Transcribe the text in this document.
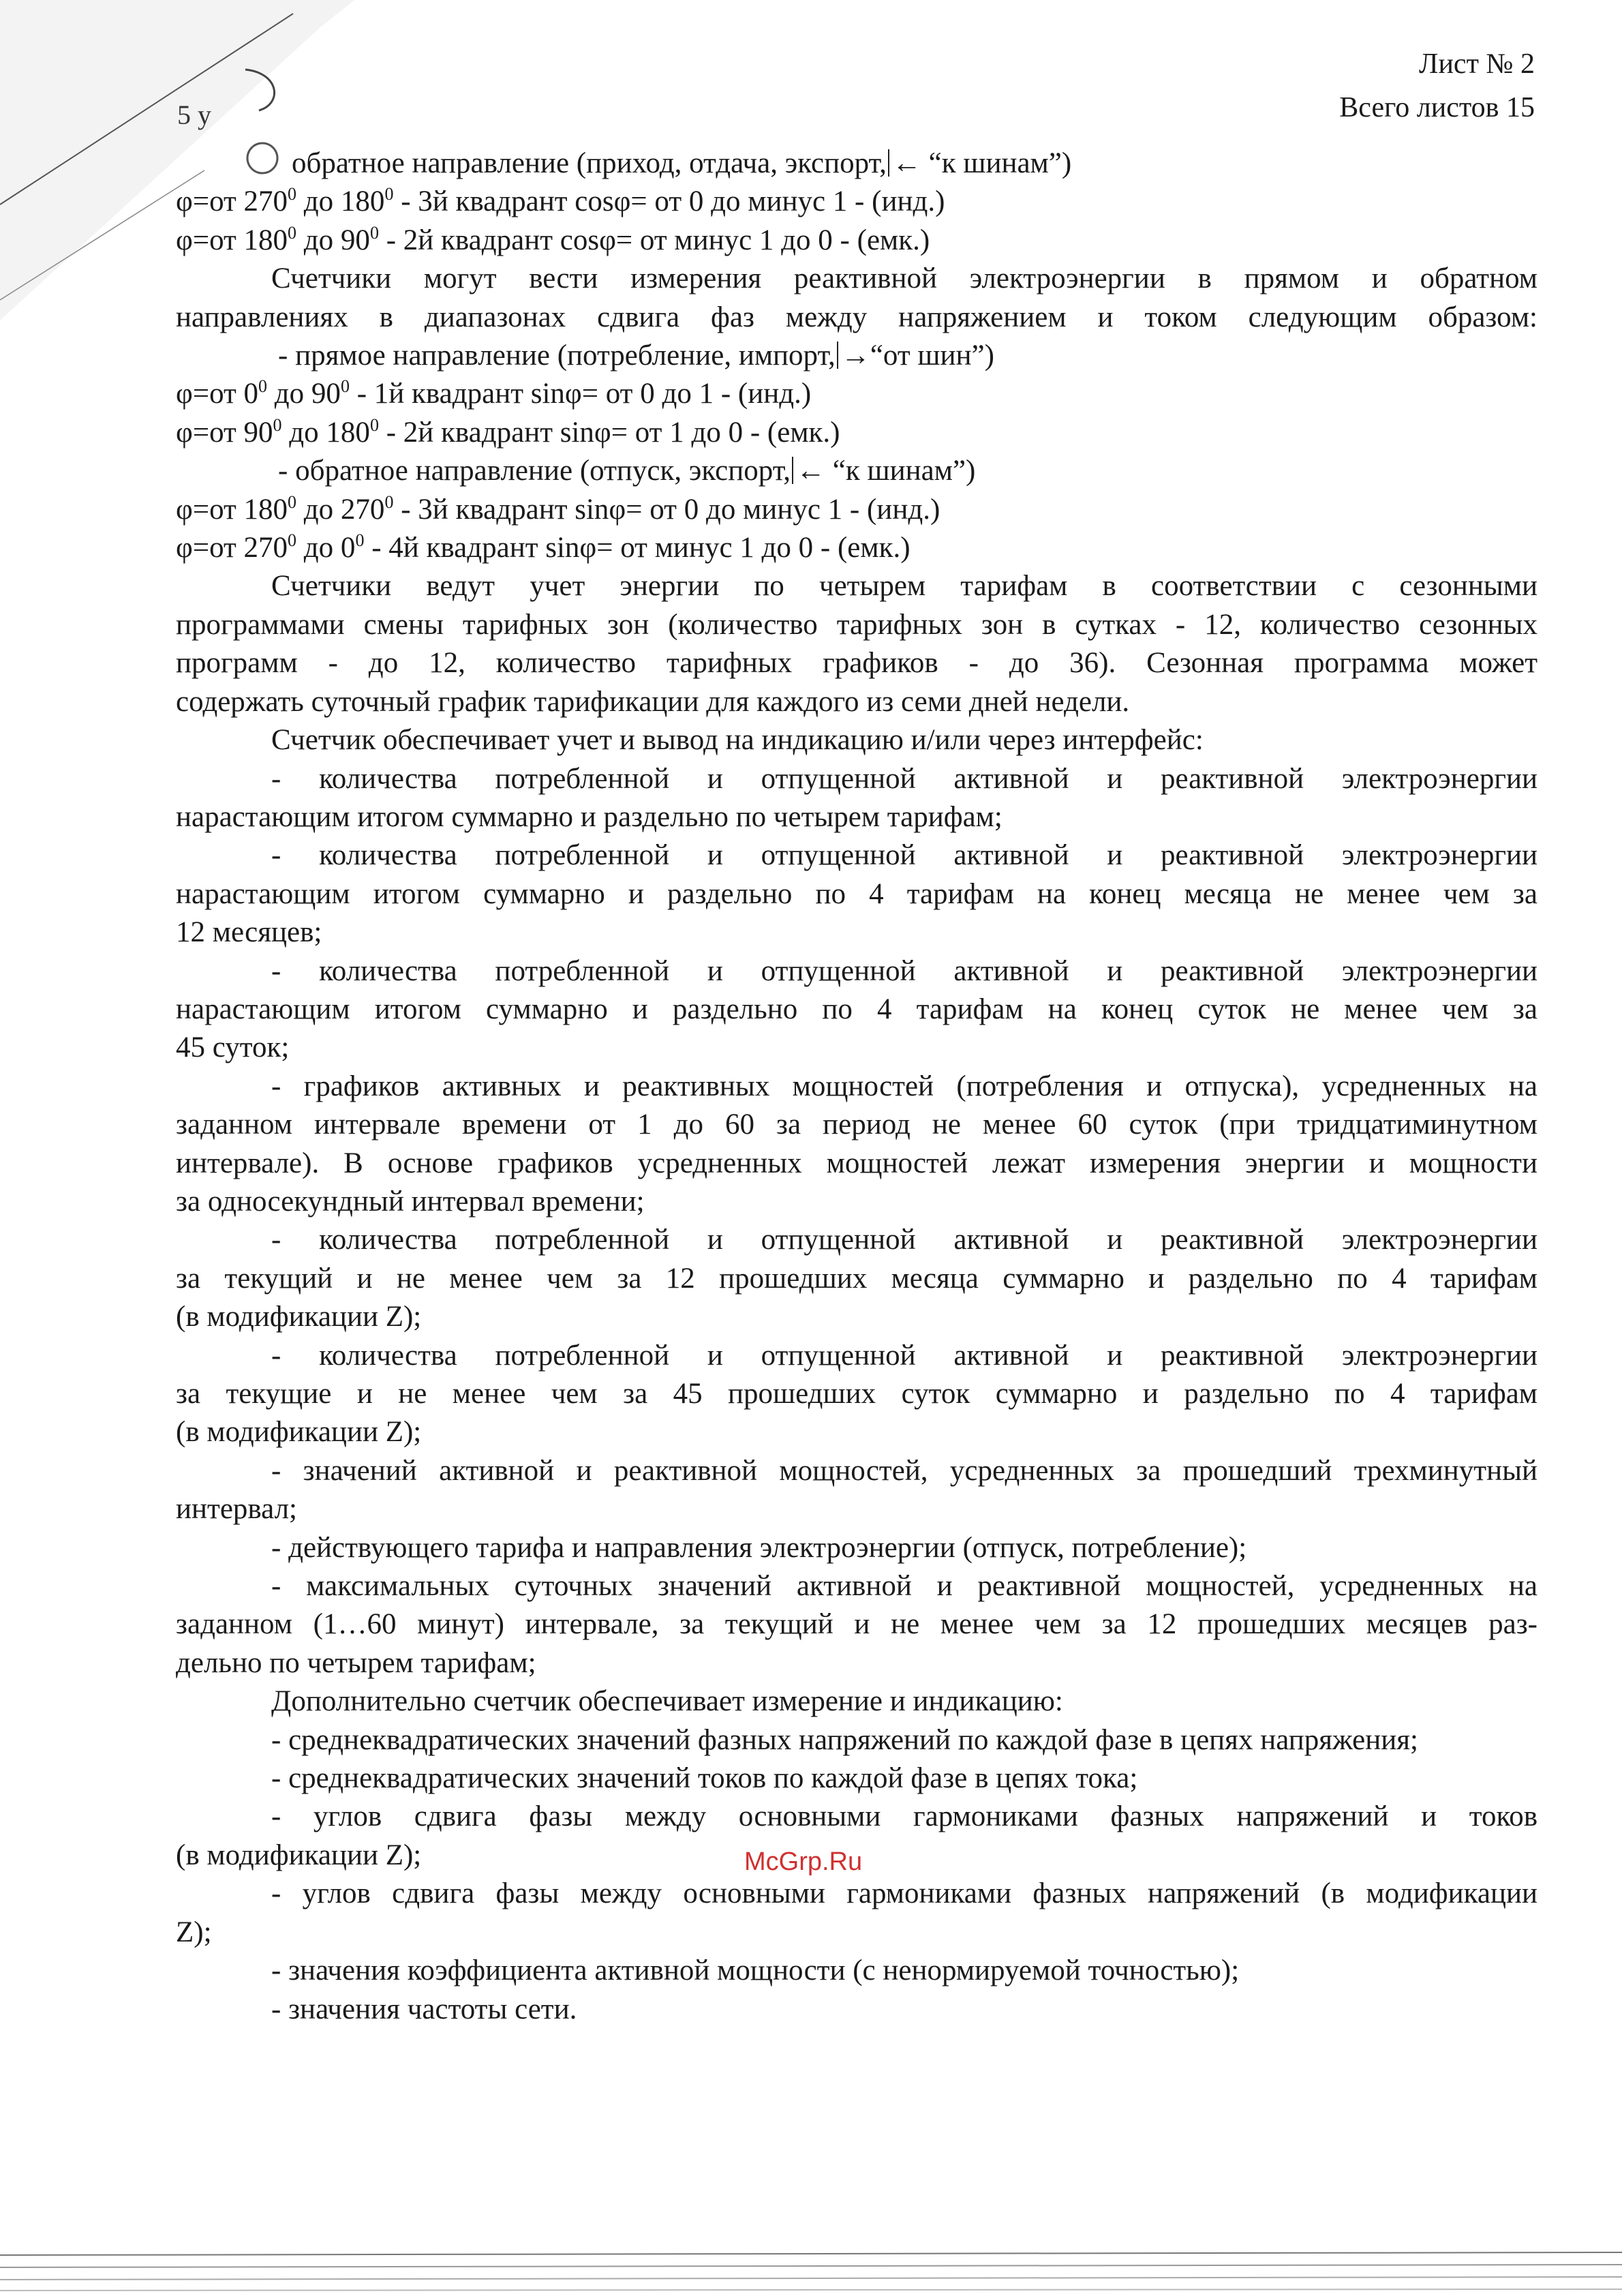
5 у
Лист № 2
Всего листов 15
обратное направление (приход, отдача, экспорт, ← “к шинам”)
φ=от $270^0$ до $180^0 - 3й$ квадрант cosφ= от 0 до минус 1 - (инд.)
φ=от $180^0$ до $90^0 - 2й$ квадрант cosφ= от минус 1 до 0 - (емк.)
Счетчики могут вести измерения реактивной электроэнергии в прямом и обратном
направлениях в диапазонах сдвига фаз между напряжением и током следующим образом:
- прямое направление (потребление, импорт, →“от шин”)
φ=от $0^0$ до $90^0 - 1й$ квадрант sinφ= от 0 до 1 - (инд.)
φ=от $90^0$ до $180^0 - 2й$ квадрант sinφ= от 1 до 0 - (емк.)
- обратное направление (отпуск, экспорт, ← “к шинам”)
φ=от $180^0$ до $270^0 - 3й$ квадрант sinφ= от 0 до минус 1 - (инд.)
φ=от $270^0$ до $0^0 - 4й$ квадрант sinφ= от минус 1 до 0 - (емк.)
Счетчики ведут учет энергии по четырем тарифам в соответствии с сезонными
программами смены тарифных зон (количество тарифных зон в сутках - 12, количество сезонных
программ - до 12, количество тарифных графиков - до 36). Сезонная программа может
содержать суточный график тарификации для каждого из семи дней недели.
Счетчик обеспечивает учет и вывод на индикацию и/или через интерфейс:
- количества потребленной и отпущенной активной и реактивной электроэнергии
нарастающим итогом суммарно и раздельно по четырем тарифам;
- количества потребленной и отпущенной активной и реактивной электроэнергии
нарастающим итогом суммарно и раздельно по 4 тарифам на конец месяца не менее чем за
12 месяцев;
- количества потребленной и отпущенной активной и реактивной электроэнергии
нарастающим итогом суммарно и раздельно по 4 тарифам на конец суток не менее чем за
45 суток;
- графиков активных и реактивных мощностей (потребления и отпуска), усредненных на
заданном интервале времени от 1 до 60 за период не менее 60 суток (при тридцатиминутном
интервале). В основе графиков усредненных мощностей лежат измерения энергии и мощности
за односекундный интервал времени;
- количества потребленной и отпущенной активной и реактивной электроэнергии
за текущий и не менее чем за 12 прошедших месяца суммарно и раздельно по 4 тарифам
(в модификации Z);
- количества потребленной и отпущенной активной и реактивной электроэнергии
за текущие и не менее чем за 45 прошедших суток суммарно и раздельно по 4 тарифам
(в модификации Z);
- значений активной и реактивной мощностей, усредненных за прошедший трехминутный
интервал;
- действующего тарифа и направления электроэнергии (отпуск, потребление);
- максимальных суточных значений активной и реактивной мощностей, усредненных на
заданном (1…60 минут) интервале, за текущий и не менее чем за 12 прошедших месяцев раз-
дельно по четырем тарифам;
Дополнительно счетчик обеспечивает измерение и индикацию:
- среднеквадратических значений фазных напряжений по каждой фазе в цепях напряжения;
- среднеквадратических значений токов по каждой фазе в цепях тока;
- углов сдвига фазы между основными гармониками фазных напряжений и токов
(в модификации Z);
- углов сдвига фазы между основными гармониками фазных напряжений (в модификации
Z);
- значения коэффициента активной мощности (с ненормируемой точностью);
- значения частоты сети.
McGrp.Ru
